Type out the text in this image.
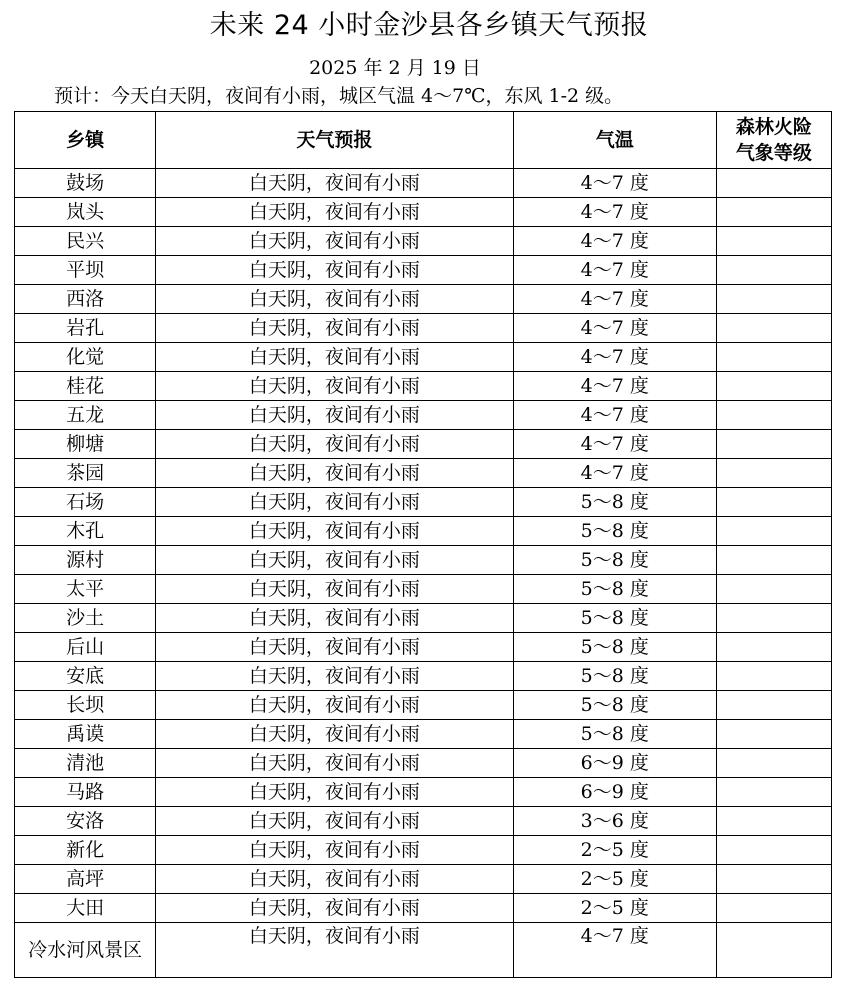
未来 24 小时金沙县各乡镇天气预报
2025 年 2 月 19 日
预计：今天白天阴，夜间有小雨，城区气温 4～7℃，东风 1-2 级。
乡镇	天气预报	气温	森林火险
气象等级
鼓场	白天阴，夜间有小雨	4～7 度	
岚头	白天阴，夜间有小雨	4～7 度	
民兴	白天阴，夜间有小雨	4～7 度	
平坝	白天阴，夜间有小雨	4～7 度	
西洛	白天阴，夜间有小雨	4～7 度	
岩孔	白天阴，夜间有小雨	4～7 度	
化觉	白天阴，夜间有小雨	4～7 度	
桂花	白天阴，夜间有小雨	4～7 度	
五龙	白天阴，夜间有小雨	4～7 度	
柳塘	白天阴，夜间有小雨	4～7 度	
茶园	白天阴，夜间有小雨	4～7 度	
石场	白天阴，夜间有小雨	5～8 度	
木孔	白天阴，夜间有小雨	5～8 度	
源村	白天阴，夜间有小雨	5～8 度	
太平	白天阴，夜间有小雨	5～8 度	
沙土	白天阴，夜间有小雨	5～8 度	
后山	白天阴，夜间有小雨	5～8 度	
安底	白天阴，夜间有小雨	5～8 度	
长坝	白天阴，夜间有小雨	5～8 度	
禹谟	白天阴，夜间有小雨	5～8 度	
清池	白天阴，夜间有小雨	6～9 度	
马路	白天阴，夜间有小雨	6～9 度	
安洛	白天阴，夜间有小雨	3～6 度	
新化	白天阴，夜间有小雨	2～5 度	
高坪	白天阴，夜间有小雨	2～5 度	
大田	白天阴，夜间有小雨	2～5 度	
冷水河风景区	白天阴，夜间有小雨	4～7 度	
